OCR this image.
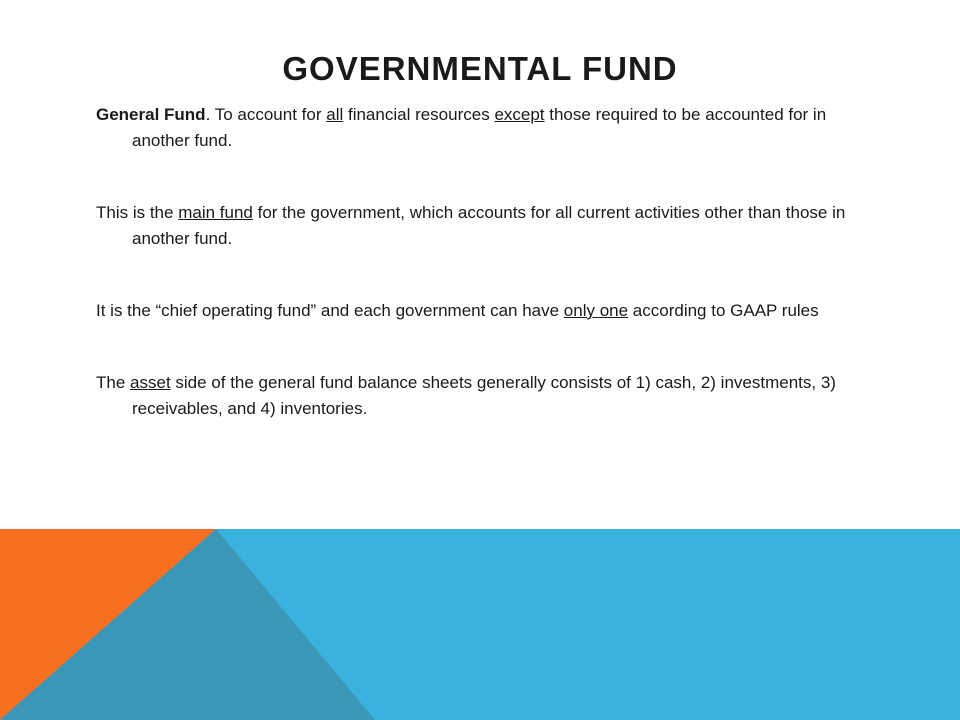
GOVERNMENTAL FUND

General Fund. To account for all financial resources except those required to be accounted for in another fund.

This is the main fund for the government, which accounts for all current activities other than those in another fund.

It is the “chief operating fund” and each government can have only one according to GAAP rules

The asset side of the general fund balance sheets generally consists of 1) cash, 2) investments, 3) receivables, and 4) inventories.
